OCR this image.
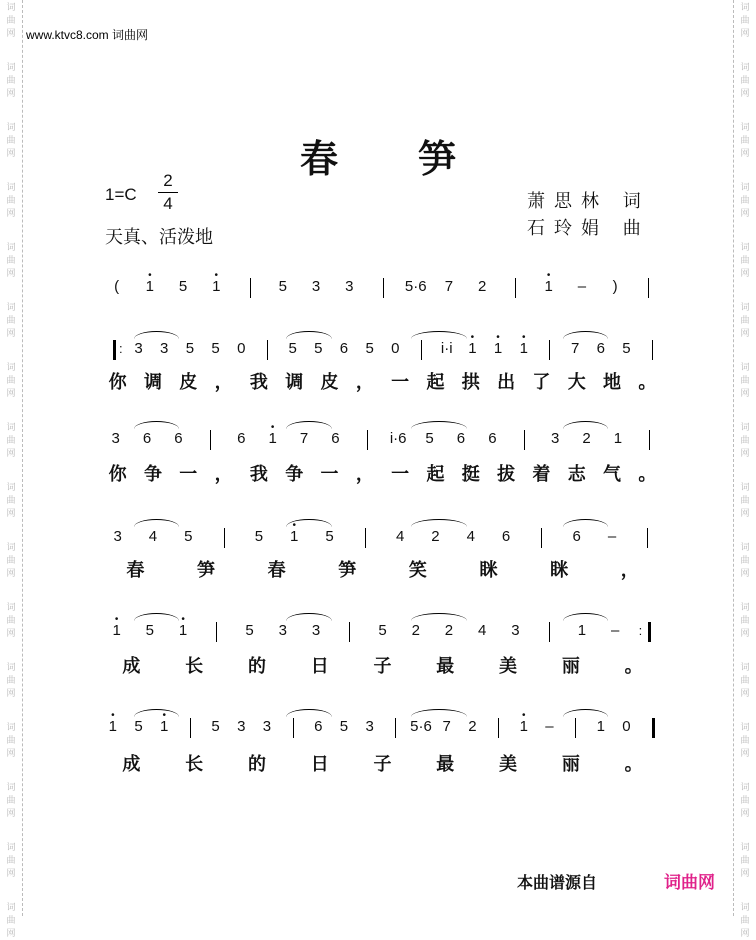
词
曲
网
词
曲
网
词
曲
网
词
曲
网
词
曲
网
词
曲
网
词
曲
网
词
曲
网
词
曲
网
词
曲
网
词
曲
网
词
曲
网
词
曲
网
词
曲
网
词
曲
网
词
曲
网
词
曲
网
词
曲
网
词
曲
网
词
曲
网
词
曲
网
词
曲
网
词
曲
网
词
曲
网
词
曲
网
词
曲
网
词
曲
网
词
曲
网
词
曲
网
词
曲
网
词
曲
网
词
曲
网
www.ktvc8.com 词曲网
春笋
1=C
2
4
天真、活泼地
萧思林 词
石玲娟 曲
(
•
1 5
•
1	5 3 3	5·6 7 2
•
1 – )
: 3 3 5 5 0	5 5 6 5 0	i·i
•
1
•
1
•
1	7 6 5
你 调 皮 ， 我 调 皮 ， 一 起 拱 出 了 大 地 。
3 6 6	6
•
1 7 6	i·6 5 6 6	3 2 1
你 争 一 ， 我 争 一 ， 一 起 挺 拔 着 志 气 。
3 4 5	5
•
1 5	4 2 4 6	6 –
春	笋	春	笋	笑	眯	眯	，
•
1 5
•
1	5 3 3	5 2 2 4 3	1 – :
成 长 的 日 子 最 美 丽 。
•
1 5
•
1	5 3 3	6 5 3 5·6 7 2
•
1 –	1 0
成 长 的 日 子 最 美 丽 。
本曲谱源自	词曲网
